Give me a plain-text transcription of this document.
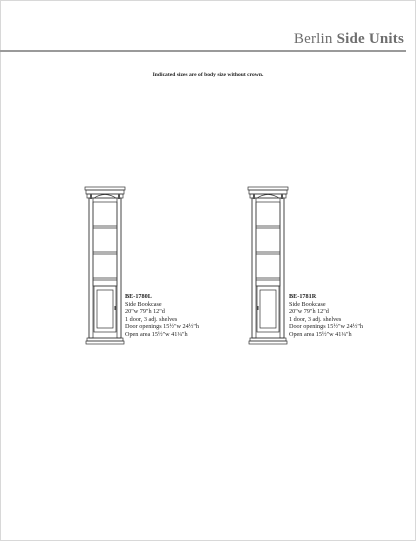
Berlin Side Units
Indicated sizes are of body size without crown.
BE-1780L
Side Bookcase
20"w 79"h 12"d
1 door, 3 adj. shelves
Door openings 15½"w 24½"h
Open area 15½"w 41¼"h
BE-1781R
Side Bookcase
20"w 79"h 12"d
1 door, 3 adj. shelves
Door openings 15½"w 24½"h
Open area 15½"w 41¼"h
